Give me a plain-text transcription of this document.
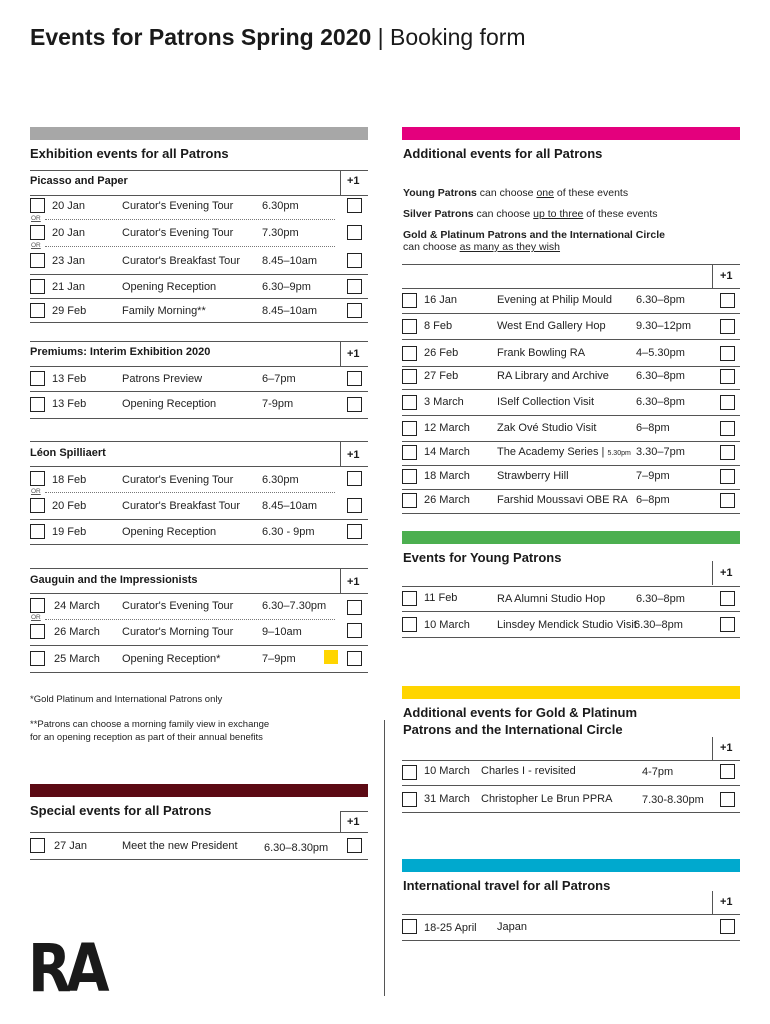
Events for Patrons Spring 2020 | Booking form
Exhibition events for all Patrons
Picasso and Paper	+1
20 Jan	Curator's Evening Tour	6.30pm
OR
20 Jan	Curator's Evening Tour	7.30pm
OR
23 Jan	Curator's Breakfast Tour 8.45–10am
21 Jan	Opening Reception	6.30–9pm
29 Feb	Family Morning**	8.45–10am
Premiums: Interim Exhibition 2020	+1
13 Feb	Patrons Preview	6–7pm
13 Feb	Opening Reception	7-9pm
Léon Spilliaert	+1
18 Feb	Curator's Evening Tour	6.30pm
OR
20 Feb	Curator's Breakfast Tour 8.45–10am
19 Feb	Opening Reception	6.30 - 9pm
Gauguin and the Impressionists	+1
24 March Curator's Evening Tour	6.30–7.30pm
OR
26 March Curator's Morning Tour	9–10am
25 March Opening Reception*	7–9pm
*Gold Platinum and International Patrons only
**Patrons can choose a morning family view in exchange
for an opening reception as part of their annual benefits
Special events for all Patrons
+1
27 Jan	Meet the new President 6.30–8.30pm
RA
Additional events for all Patrons
Young Patrons can choose one of these events
Silver Patrons can choose up to three of these events
Gold & Platinum Patrons and the International Circle
can choose as many as they wish
+1
16 Jan	Evening at Philip Mould 6.30–8pm
8 Feb	West End Gallery Hop	9.30–12pm
26 Feb	Frank Bowling RA	4–5.30pm
27 Feb	RA Library and Archive 6.30–8pm
3 March	ISelf Collection Visit	6.30–8pm
12 March Zak Ové Studio Visit	6–8pm
14 March The Academy Series | 5.30pm 3.30–7pm
18 March Strawberry Hill	7–9pm
26 March Farshid Moussavi OBE RA 6–8pm
Events for Young Patrons
+1
11 Feb	RA Alumni Studio Hop	6.30–8pm
10 March Linsdey Mendick Studio Visit
6.30–8pm
Additional events for Gold & Platinum
Patrons and the International Circle
+1
10 March Charles I - revisited	4-7pm
31 March Christopher Le Brun PPRA	7.30-8.30pm
International travel for all Patrons
+1
18-25 April Japan
